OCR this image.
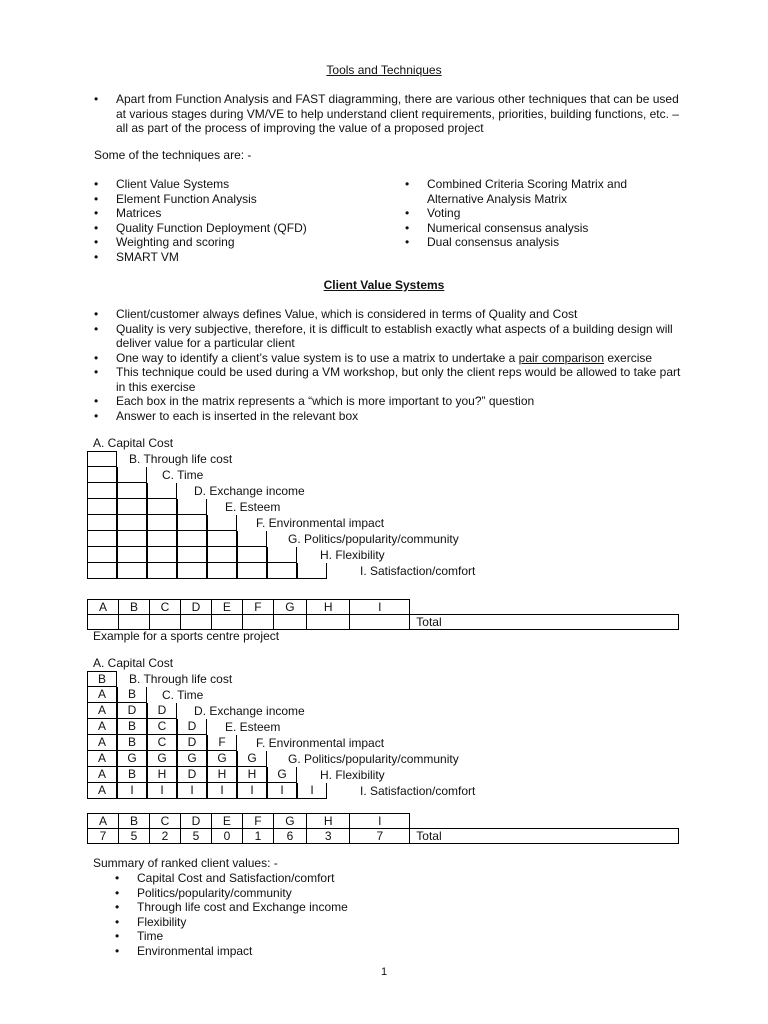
Tools and Techniques
• Apart from Function Analysis and FAST diagramming, there are various other techniques that can be used at various stages during VM/VE to help understand client requirements, priorities, building functions, etc. – all as part of the process of improving the value of a proposed project
Some of the techniques are: -
• Client Value Systems
• Element Function Analysis
• Matrices
• Quality Function Deployment (QFD)
• Weighting and scoring
• SMART VM
• Combined Criteria Scoring Matrix and Alternative Analysis Matrix
• Voting
• Numerical consensus analysis
• Dual consensus analysis
Client Value Systems
• Client/customer always defines Value, which is considered in terms of Quality and Cost
• Quality is very subjective, therefore, it is difficult to establish exactly what aspects of a building design will deliver value for a particular client
• One way to identify a client’s value system is to use a matrix to undertake a pair comparison exercise
• This technique could be used during a VM workshop, but only the client reps would be allowed to take part in this exercise
• Each box in the matrix represents a “which is more important to you?” question
• Answer to each is inserted in the relevant box
A. Capital Cost
B. Through life cost
C. Time
D. Exchange income
E. Esteem
F. Environmental impact
G. Politics/popularity/community
H. Flexibility
I. Satisfaction/comfort
A	B	C	D	E	F	G	H	I	
									Total
Example for a sports centre project
A. Capital Cost
B	B. Through life cost
A	B	C. Time
A	D	D	D. Exchange income
A	B	C	D	E. Esteem
A	B	C	D	F	F. Environmental impact
A	G	G	G	G	G	G. Politics/popularity/community
A	B	H	D	H	H	G	H. Flexibility
A	I	I	I	I	I	I	I	I. Satisfaction/comfort
A	B	C	D	E	F	G	H	I	
7	5	2	5	0	1	6	3	7	Total
Summary of ranked client values: -
• Capital Cost and Satisfaction/comfort
• Politics/popularity/community
• Through life cost and Exchange income
• Flexibility
• Time
• Environmental impact
1
